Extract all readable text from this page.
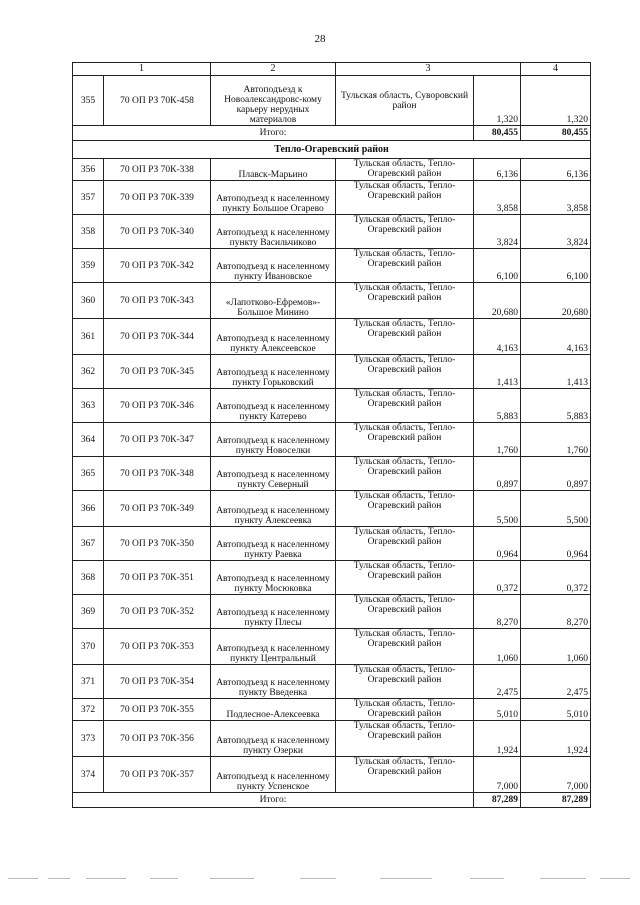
28
1		2	3		4
355	70 ОП РЗ 70К-458	Автоподъезд к Новоалександровс-кому карьеру нерудных материалов	Тульская область, Суворовский район	1,320	1,320
Итого:				80,455	80,455
Тепло-Огаревский район					
356	70 ОП РЗ 70К-338	Плавск-Марьино	Тульская область, Тепло-Огаревский район	6,136	6,136
357	70 ОП РЗ 70К-339	Автоподъезд к населенному пункту Большое Огарево	Тульская область, Тепло-Огаревский район	3,858	3,858
358	70 ОП РЗ 70К-340	Автоподъезд к населенному пункту Васильчиково	Тульская область, Тепло-Огаревский район	3,824	3,824
359	70 ОП РЗ 70К-342	Автоподъезд к населенному пункту Ивановское	Тульская область, Тепло-Огаревский район	6,100	6,100
360	70 ОП РЗ 70К-343	«Лапотково-Ефремов»- Большое Минино	Тульская область, Тепло-Огаревский район	20,680	20,680
361	70 ОП РЗ 70К-344	Автоподъезд к населенному пункту Алексеевское	Тульская область, Тепло-Огаревский район	4,163	4,163
362	70 ОП РЗ 70К-345	Автоподъезд к населенному пункту Горьковский	Тульская область, Тепло-Огаревский район	1,413	1,413
363	70 ОП РЗ 70К-346	Автоподъезд к населенному пункту Катерево	Тульская область, Тепло-Огаревский район	5,883	5,883
364	70 ОП РЗ 70К-347	Автоподъезд к населенному пункту Новоселки	Тульская область, Тепло-Огаревский район	1,760	1,760
365	70 ОП РЗ 70К-348	Автоподъезд к населенному пункту Северный	Тульская область, Тепло-Огаревский район	0,897	0,897
366	70 ОП РЗ 70К-349	Автоподъезд к населенному пункту Алексеевка	Тульская область, Тепло-Огаревский район	5,500	5,500
367	70 ОП РЗ 70К-350	Автоподъезд к населенному пункту Раевка	Тульская область, Тепло-Огаревский район	0,964	0,964
368	70 ОП РЗ 70К-351	Автоподъезд к населенному пункту Мосюковка	Тульская область, Тепло-Огаревский район	0,372	0,372
369	70 ОП РЗ 70К-352	Автоподъезд к населенному пункту Плесы	Тульская область, Тепло-Огаревский район	8,270	8,270
370	70 ОП РЗ 70К-353	Автоподъезд к населенному пункту Центральный	Тульская область, Тепло-Огаревский район	1,060	1,060
371	70 ОП РЗ 70К-354	Автоподъезд к населенному пункту Введенка	Тульская область, Тепло-Огаревский район	2,475	2,475
372	70 ОП РЗ 70К-355	Подлесное-Алексеевка	Тульская область, Тепло-Огаревский район	5,010	5,010
373	70 ОП РЗ 70К-356	Автоподъезд к населенному пункту Озерки	Тульская область, Тепло-Огаревский район	1,924	1,924
374	70 ОП РЗ 70К-357	Автоподъезд к населенному пункту Успенское	Тульская область, Тепло-Огаревский район	7,000	7,000
Итого:				87,289	87,289
